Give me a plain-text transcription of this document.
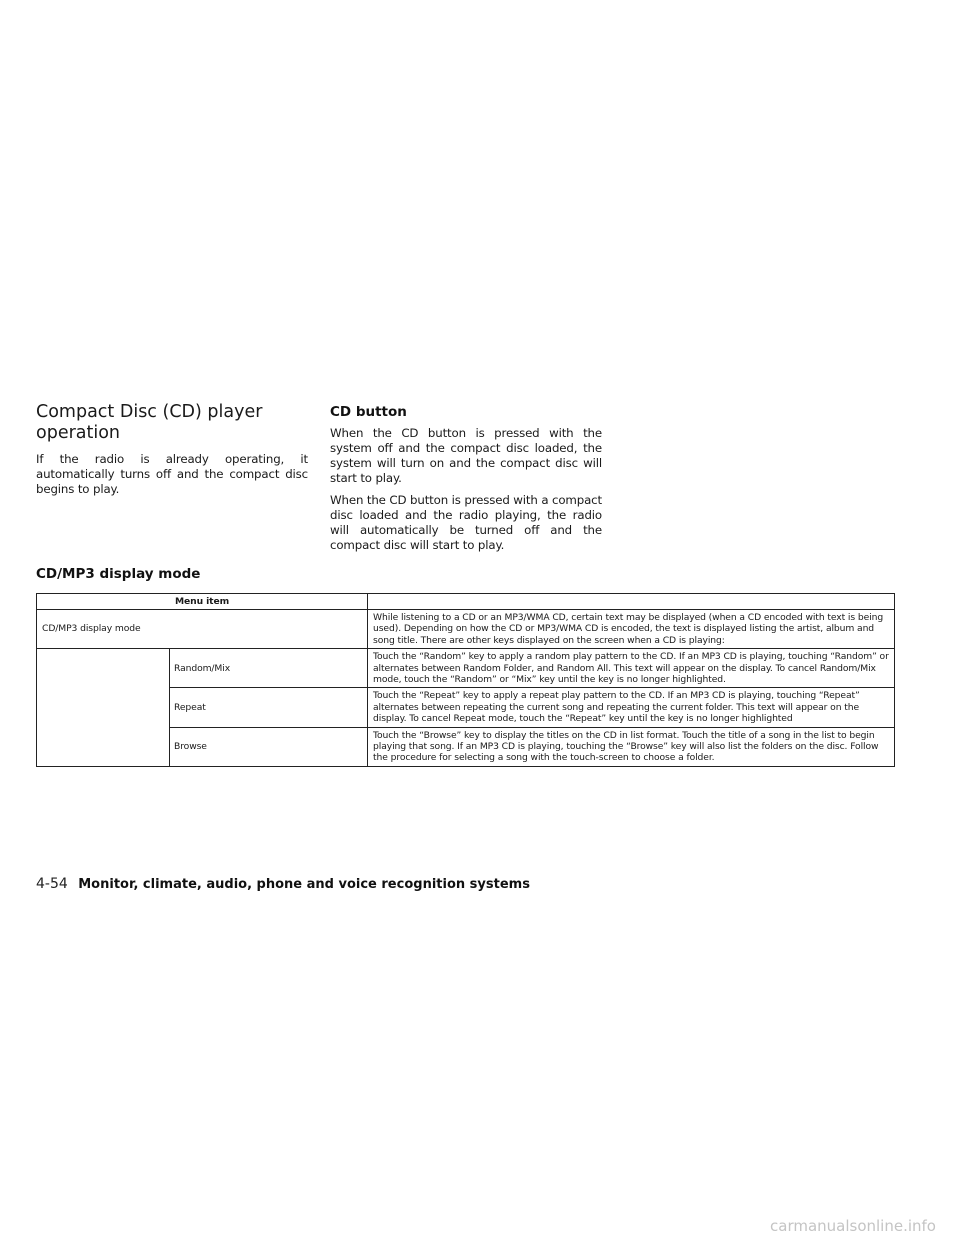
Compact Disc (CD) player operation

If the radio is already operating, it automatically turns off and the compact disc begins to play.

CD button

When the CD button is pressed with the system off and the compact disc loaded, the system will turn on and the compact disc will start to play.

When the CD button is pressed with a compact disc loaded and the radio playing, the radio will automatically be turned off and the compact disc will start to play.

CD/MP3 display mode
Menu item		
CD/MP3 display mode		While listening to a CD or an MP3/WMA CD, certain text may be displayed (when a CD encoded with text is being used). Depending on how the CD or MP3/WMA CD is encoded, the text is displayed listing the artist, album and song title. There are other keys displayed on the screen when a CD is playing:
	Random/Mix	Touch the “Random” key to apply a random play pattern to the CD. If an MP3 CD is playing, touching “Random” or alternates between Random Folder, and Random All. This text will appear on the display. To cancel Random/Mix mode, touch the “Random” or “Mix” key until the key is no longer highlighted.
	Repeat	Touch the “Repeat” key to apply a repeat play pattern to the CD. If an MP3 CD is playing, touching “Repeat” alternates between repeating the current song and repeating the current folder. This text will appear on the display. To cancel Repeat mode, touch the “Repeat” key until the key is no longer highlighted
	Browse	Touch the “Browse” key to display the titles on the CD in list format. Touch the title of a song in the list to begin playing that song. If an MP3 CD is playing, touching the “Browse” key will also list the folders on the disc. Follow the procedure for selecting a song with the touch-screen to choose a folder.
4-54 Monitor, climate, audio, phone and voice recognition systems
carmanualsonline.info
